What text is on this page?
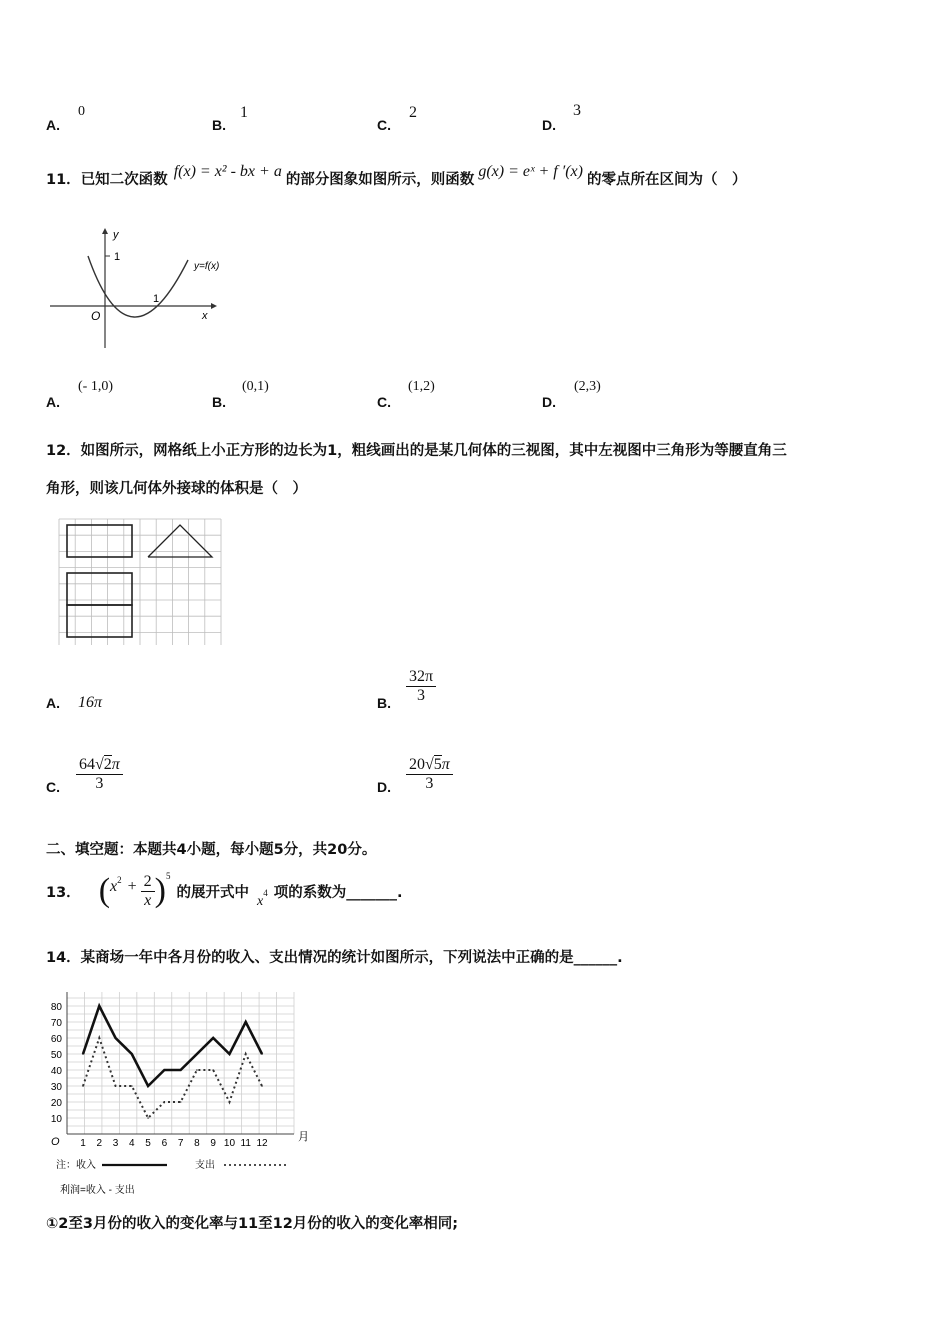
A.
0
B.
1
C.
2
D.
3
11． 已知二次函数
f(x) = x² - bx + a
的部分图象如图所示，则函数
g(x) = eˣ + f ′(x)
的零点所在区间为（　）
y
1
1
O	x
y=f(x)
A.
(- 1,0)
B.
(0,1)
C.
(1,2)
D.
(2,3)
12．如图所示，网格纸上小正方形的边长为1，粗线画出的是某几何体的三视图，其中左视图中三角形为等腰直角三
角形，则该几何体外接球的体积是（　）
A. 16π	B. $\frac{32\pi}{3}$
C. $\frac{64√2\pi}{3}$	D. $\frac{20√5\pi}{3}$
二、填空题：本题共4小题，每小题5分，共20分。
13． ( $x^2 + \frac{2}{x} )^5$
的展开式中
x
$^4$ 项的系数为_______.
14．某商场一年中各月份的收入、支出情况的统计如图所示，下列说法中正确的是______.
10
20
30
40
50
60
70
80
1 2 3 4 5 6 7 8 9 10 11 12
O	月
注：收入	支出
利润=收入 - 支出
①2至3月份的收入的变化率与11至12月份的收入的变化率相同;
